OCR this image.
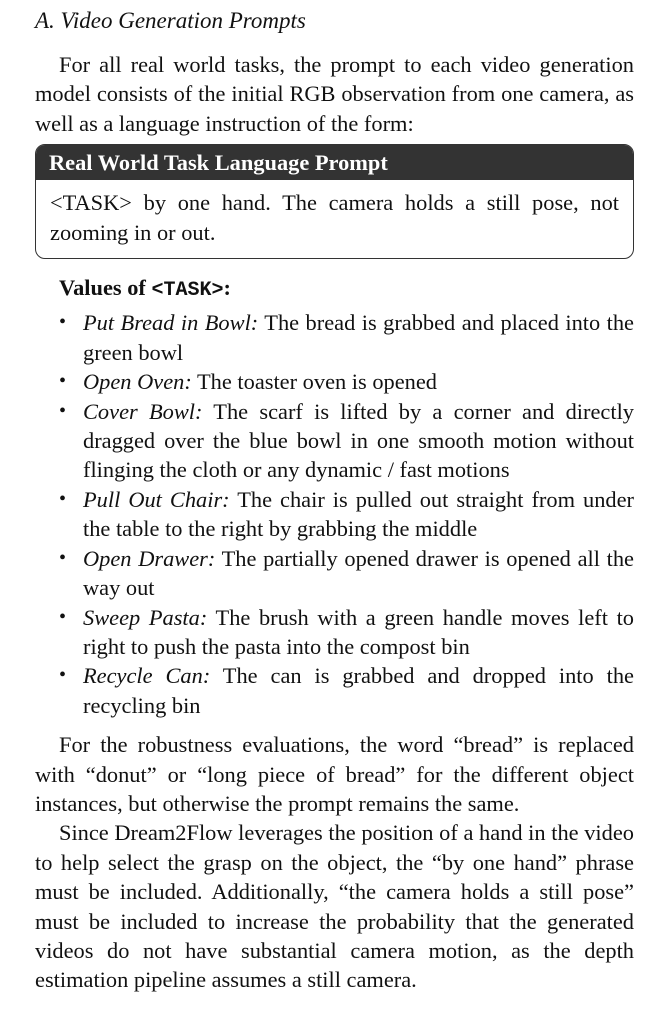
A. Video Generation Prompts

For all real world tasks, the prompt to each video generation model consists of the initial RGB observation from one camera, as well as a language instruction of the form:

Real World Task Language Prompt
<TASK> by one hand. The camera holds a still pose, not zooming in or out.
Values of <TASK>:
• Put Bread in Bowl: The bread is grabbed and placed into the green bowl
• Open Oven: The toaster oven is opened
• Cover Bowl: The scarf is lifted by a corner and directly dragged over the blue bowl in one smooth motion without flinging the cloth or any dynamic / fast motions
• Pull Out Chair: The chair is pulled out straight from under the table to the right by grabbing the middle
• Open Drawer: The partially opened drawer is opened all the way out
• Sweep Pasta: The brush with a green handle moves left to right to push the pasta into the compost bin
• Recycle Can: The can is grabbed and dropped into the recycling bin

For the robustness evaluations, the word “bread” is replaced with “donut” or “long piece of bread” for the different object instances, but otherwise the prompt remains the same.

Since Dream2Flow leverages the position of a hand in the video to help select the grasp on the object, the “by one hand” phrase must be included. Additionally, “the camera holds a still pose” must be included to increase the probability that the generated videos do not have substantial camera motion, as the depth estimation pipeline assumes a still camera.
